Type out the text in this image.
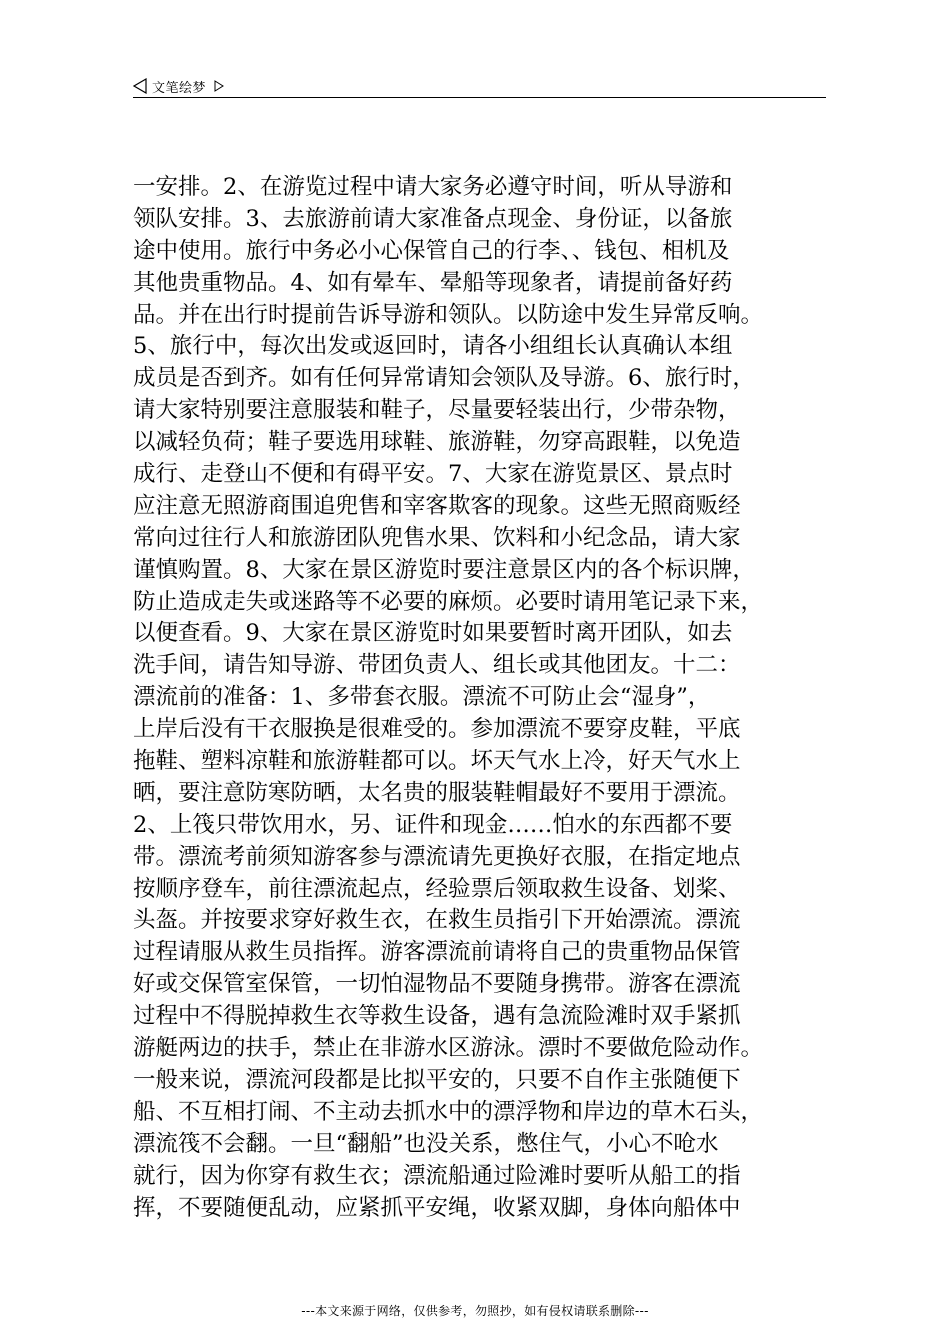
文笔绘梦
一安排。2、在游览过程中请大家务必遵守时间，听从导游和
领队安排。3、去旅游前请大家准备点现金、身份证，以备旅
途中使用。旅行中务必小心保管自己的行李、、钱包、相机及
其他贵重物品。4、如有晕车、晕船等现象者，请提前备好药
品。并在出行时提前告诉导游和领队。以防途中发生异常反响。
5、旅行中，每次出发或返回时，请各小组组长认真确认本组
成员是否到齐。如有任何异常请知会领队及导游。6、旅行时，
请大家特别要注意服装和鞋子，尽量要轻装出行，少带杂物，
以减轻负荷；鞋子要选用球鞋、旅游鞋，勿穿高跟鞋，以免造
成行、走登山不便和有碍平安。7、大家在游览景区、景点时
应注意无照游商围追兜售和宰客欺客的现象。这些无照商贩经
常向过往行人和旅游团队兜售水果、饮料和小纪念品，请大家
谨慎购置。8、大家在景区游览时要注意景区内的各个标识牌，
防止造成走失或迷路等不必要的麻烦。必要时请用笔记录下来，
以便查看。9、大家在景区游览时如果要暂时离开团队，如去
洗手间，请告知导游、带团负责人、组长或其他团友。十二：
漂流前的准备：1、多带套衣服。漂流不可防止会“湿身”，
上岸后没有干衣服换是很难受的。参加漂流不要穿皮鞋，平底
拖鞋、塑料凉鞋和旅游鞋都可以。坏天气水上冷，好天气水上
晒，要注意防寒防晒，太名贵的服装鞋帽最好不要用于漂流。
2、上筏只带饮用水，另、证件和现金……怕水的东西都不要
带。漂流考前须知游客参与漂流请先更换好衣服，在指定地点
按顺序登车，前往漂流起点，经验票后领取救生设备、划桨、
头盔。并按要求穿好救生衣，在救生员指引下开始漂流。漂流
过程请服从救生员指挥。游客漂流前请将自己的贵重物品保管
好或交保管室保管，一切怕湿物品不要随身携带。游客在漂流
过程中不得脱掉救生衣等救生设备，遇有急流险滩时双手紧抓
游艇两边的扶手，禁止在非游水区游泳。漂时不要做危险动作。
一般来说，漂流河段都是比拟平安的，只要不自作主张随便下
船、不互相打闹、不主动去抓水中的漂浮物和岸边的草木石头，
漂流筏不会翻。一旦“翻船”也没关系，憋住气，小心不呛水
就行，因为你穿有救生衣；漂流船通过险滩时要听从船工的指
挥，不要随便乱动，应紧抓平安绳，收紧双脚，身体向船体中
---本文来源于网络，仅供参考，勿照抄，如有侵权请联系删除---
